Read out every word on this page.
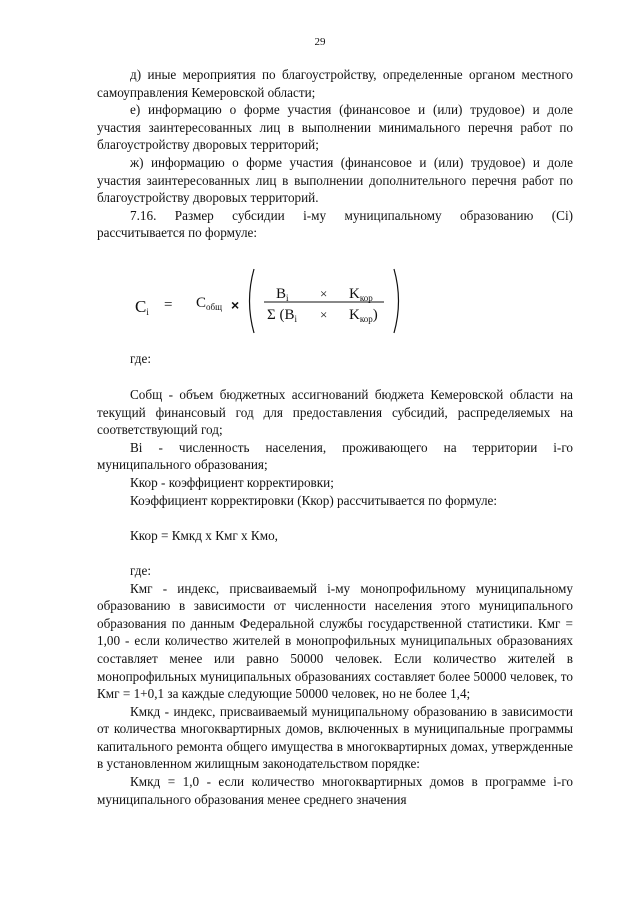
29

д) иные мероприятия по благоустройству, определенные органом местного самоуправления Кемеровской области;

е) информацию о форме участия (финансовое и (или) трудовое) и доле участия заинтересованных лиц в выполнении минимального перечня работ по благоустройству дворовых территорий;

ж) информацию о форме участия (финансовое и (или) трудовое) и доле участия заинтересованных лиц в выполнении дополнительного перечня работ по благоустройству дворовых территорий.

7.16. Размер субсидии i-му муниципальному образованию (Ci) рассчитывается по формуле:

$C_i = С_{общ}$ ×
$B_i \times K_{кор}$
Σ $(B_i \times K_{кор})$

где:

Cобщ - объем бюджетных ассигнований бюджета Кемеровской области на текущий финансовый год для предоставления субсидий, распределяемых на соответствующий год;

Bi - численность населения, проживающего на территории i-го муниципального образования;

Ккор - коэффициент корректировки;

Коэффициент корректировки (Ккор) рассчитывается по формуле:

Ккор = Кмкд x Кмг x Кмо,

где:

Кмг - индекс, присваиваемый i-му монопрофильному муниципальному образованию в зависимости от численности населения этого муниципального образования по данным Федеральной службы государственной статистики. Кмг = 1,00 - если количество жителей в монопрофильных муниципальных образованиях составляет менее или равно 50000 человек. Если количество жителей в монопрофильных муниципальных образованиях составляет более 50000 человек, то Кмг = 1+0,1 за каждые следующие 50000 человек, но не более 1,4;

Кмкд - индекс, присваиваемый муниципальному образованию в зависимости от количества многоквартирных домов, включенных в муниципальные программы капитального ремонта общего имущества в многоквартирных домах, утвержденные в установленном жилищным законодательством порядке:

Кмкд = 1,0 - если количество многоквартирных домов в программе i-го муниципального образования менее среднего значения
